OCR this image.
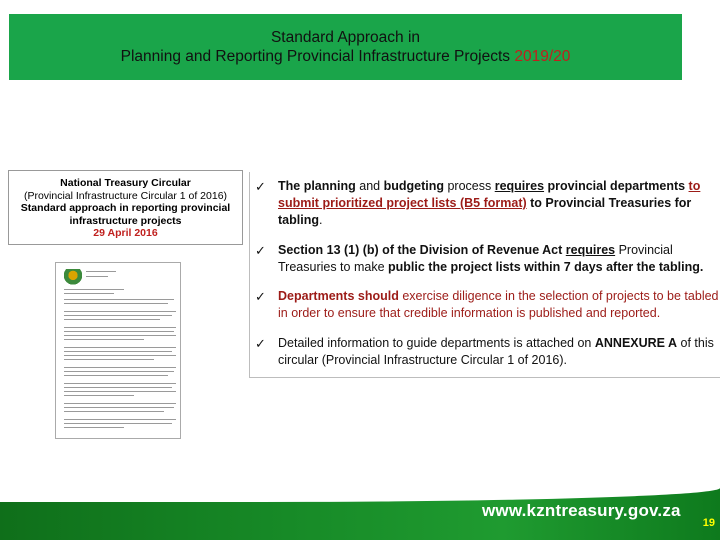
Standard Approach in
Planning and Reporting Provincial Infrastructure Projects 2019/20
National Treasury Circular
(Provincial Infrastructure Circular 1 of 2016)
Standard approach in reporting provincial
infrastructure projects
29 April 2016
✓ The planning and budgeting process requires provincial departments to submit prioritized project lists (B5 format) to Provincial Treasuries for tabling.
✓ Section 13 (1) (b) of the Division of Revenue Act requires Provincial Treasuries to make public the project lists within 7 days after the tabling.
✓ Departments should exercise diligence in the selection of projects to be tabled in order to ensure that credible information is published and reported.
✓ Detailed information to guide departments is attached on ANNEXURE A of this circular (Provincial Infrastructure Circular 1 of 2016).
www.kzntreasury.gov.za
19
